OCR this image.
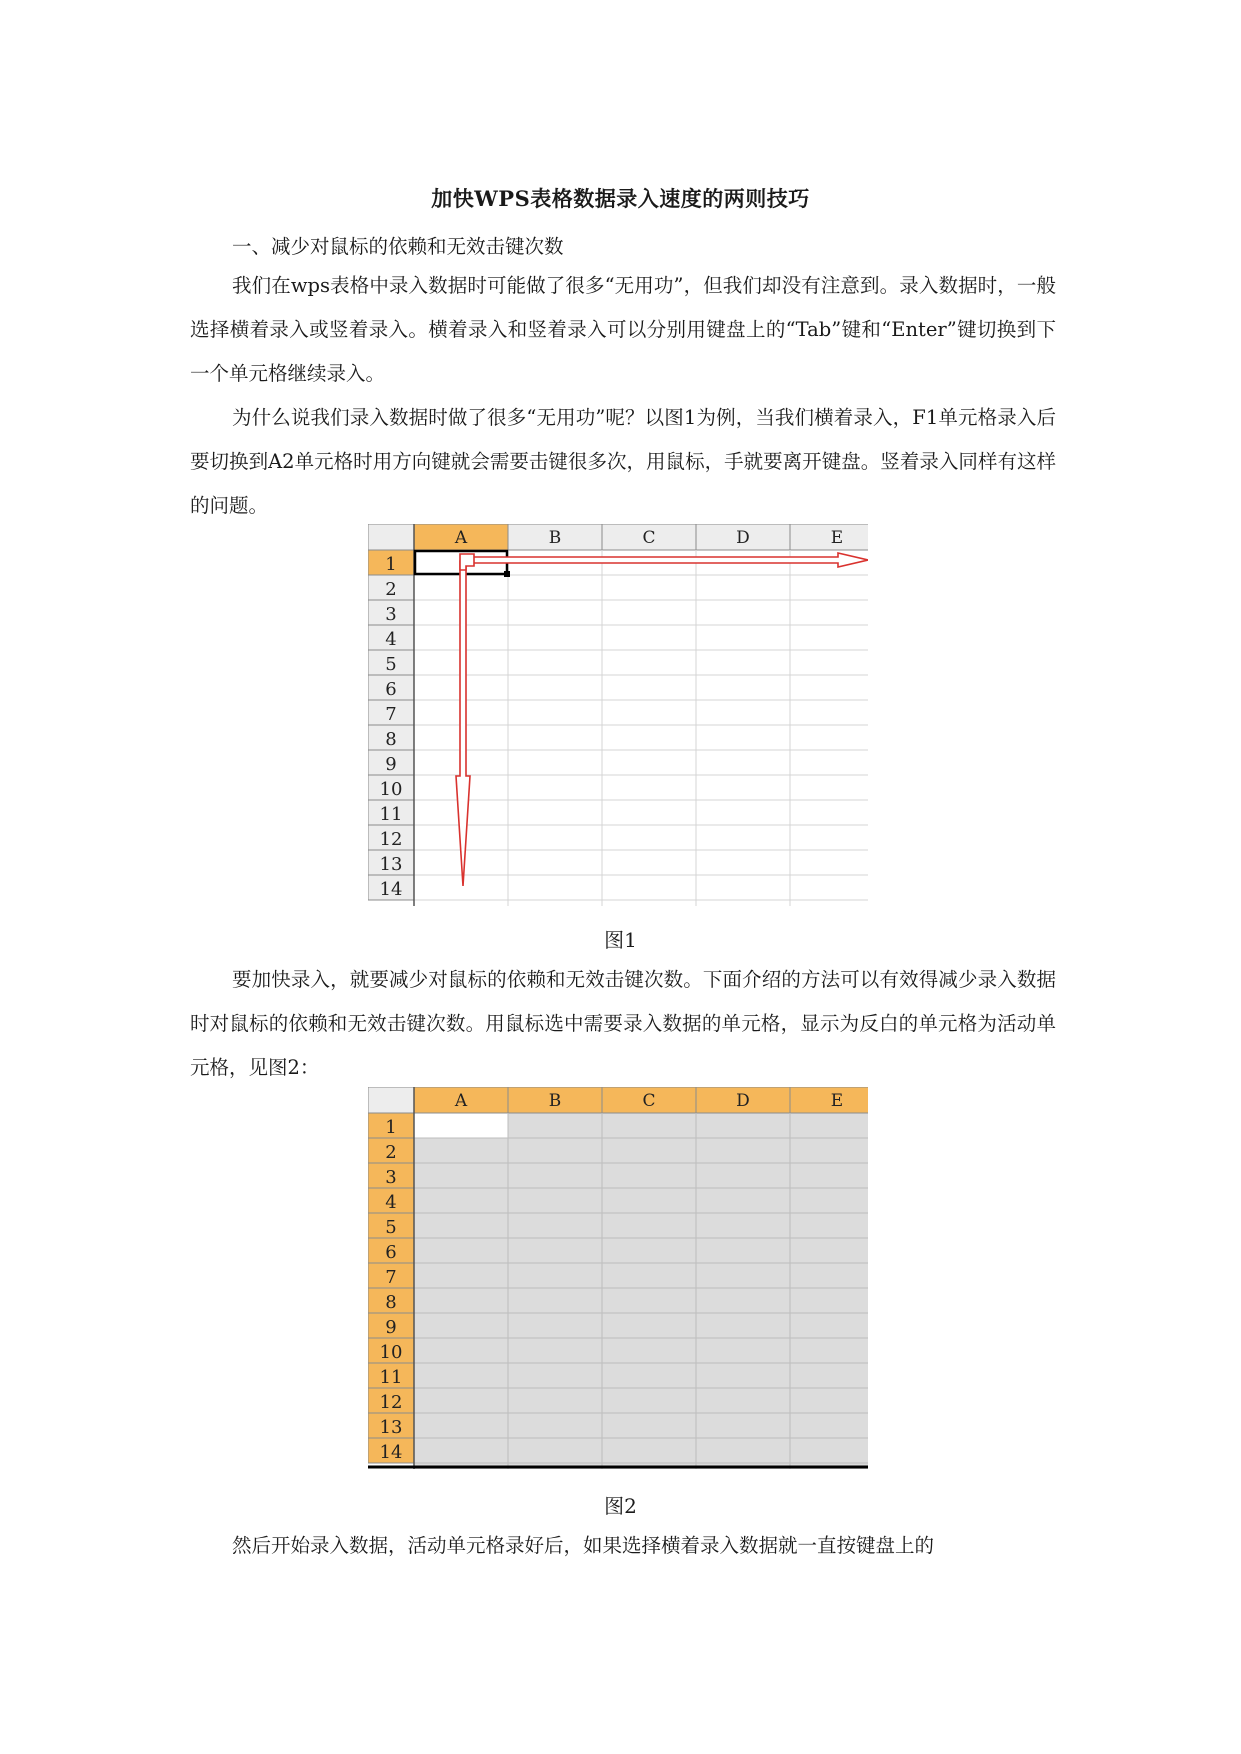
加快WPS表格数据录入速度的两则技巧
一、减少对鼠标的依赖和无效击键次数
我们在wps表格中录入数据时可能做了很多“无用功”，但我们却没有注意到。录入数据时，一般选择横着录入或竖着录入。横着录入和竖着录入可以分别用键盘上的“Tab”键和“Enter”键切换到下一个单元格继续录入。
为什么说我们录入数据时做了很多“无用功”呢？以图1为例，当我们横着录入，F1单元格录入后要切换到A2单元格时用方向键就会需要击键很多次，用鼠标，手就要离开键盘。竖着录入同样有这样的问题。
A	B	C	D	E
1
2
3
4
5
6
7
8
9
10
11
12
13
14
图1
要加快录入，就要减少对鼠标的依赖和无效击键次数。下面介绍的方法可以有效得减少录入数据时对鼠标的依赖和无效击键次数。用鼠标选中需要录入数据的单元格，显示为反白的单元格为活动单元格，见图2：
A	B	C	D	E
1
2
3
4
5
6
7
8
9
10
11
12
13
14
图2
然后开始录入数据，活动单元格录好后，如果选择横着录入数据就一直按键盘上的
